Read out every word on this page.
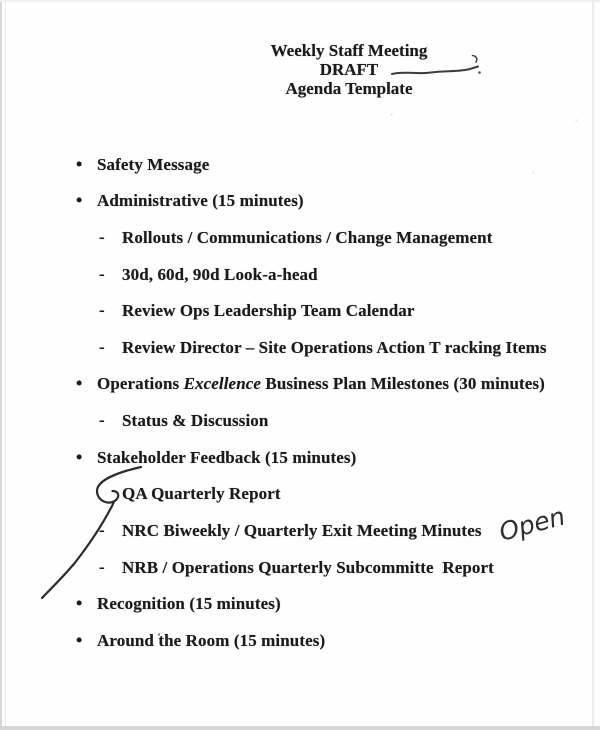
Weekly Staff Meeting
DRAFT
Agenda Template
• Safety Message
• Administrative (15 minutes)
- Rollouts / Communications / Change Management
- 30d, 60d, 90d Look-a-head
- Review Ops Leadership Team Calendar
- Review Director – Site Operations Action T racking Items
• Operations Excellence Business Plan Milestones (30 minutes)
- Status & Discussion
• Stakeholder Feedback (15 minutes)
QA Quarterly Report
- NRC Biweekly / Quarterly Exit Meeting Minutes
- NRB / Operations Quarterly Subcommitte  Report
• Recognition (15 minutes)
• Around the Room (15 minutes)
Open
